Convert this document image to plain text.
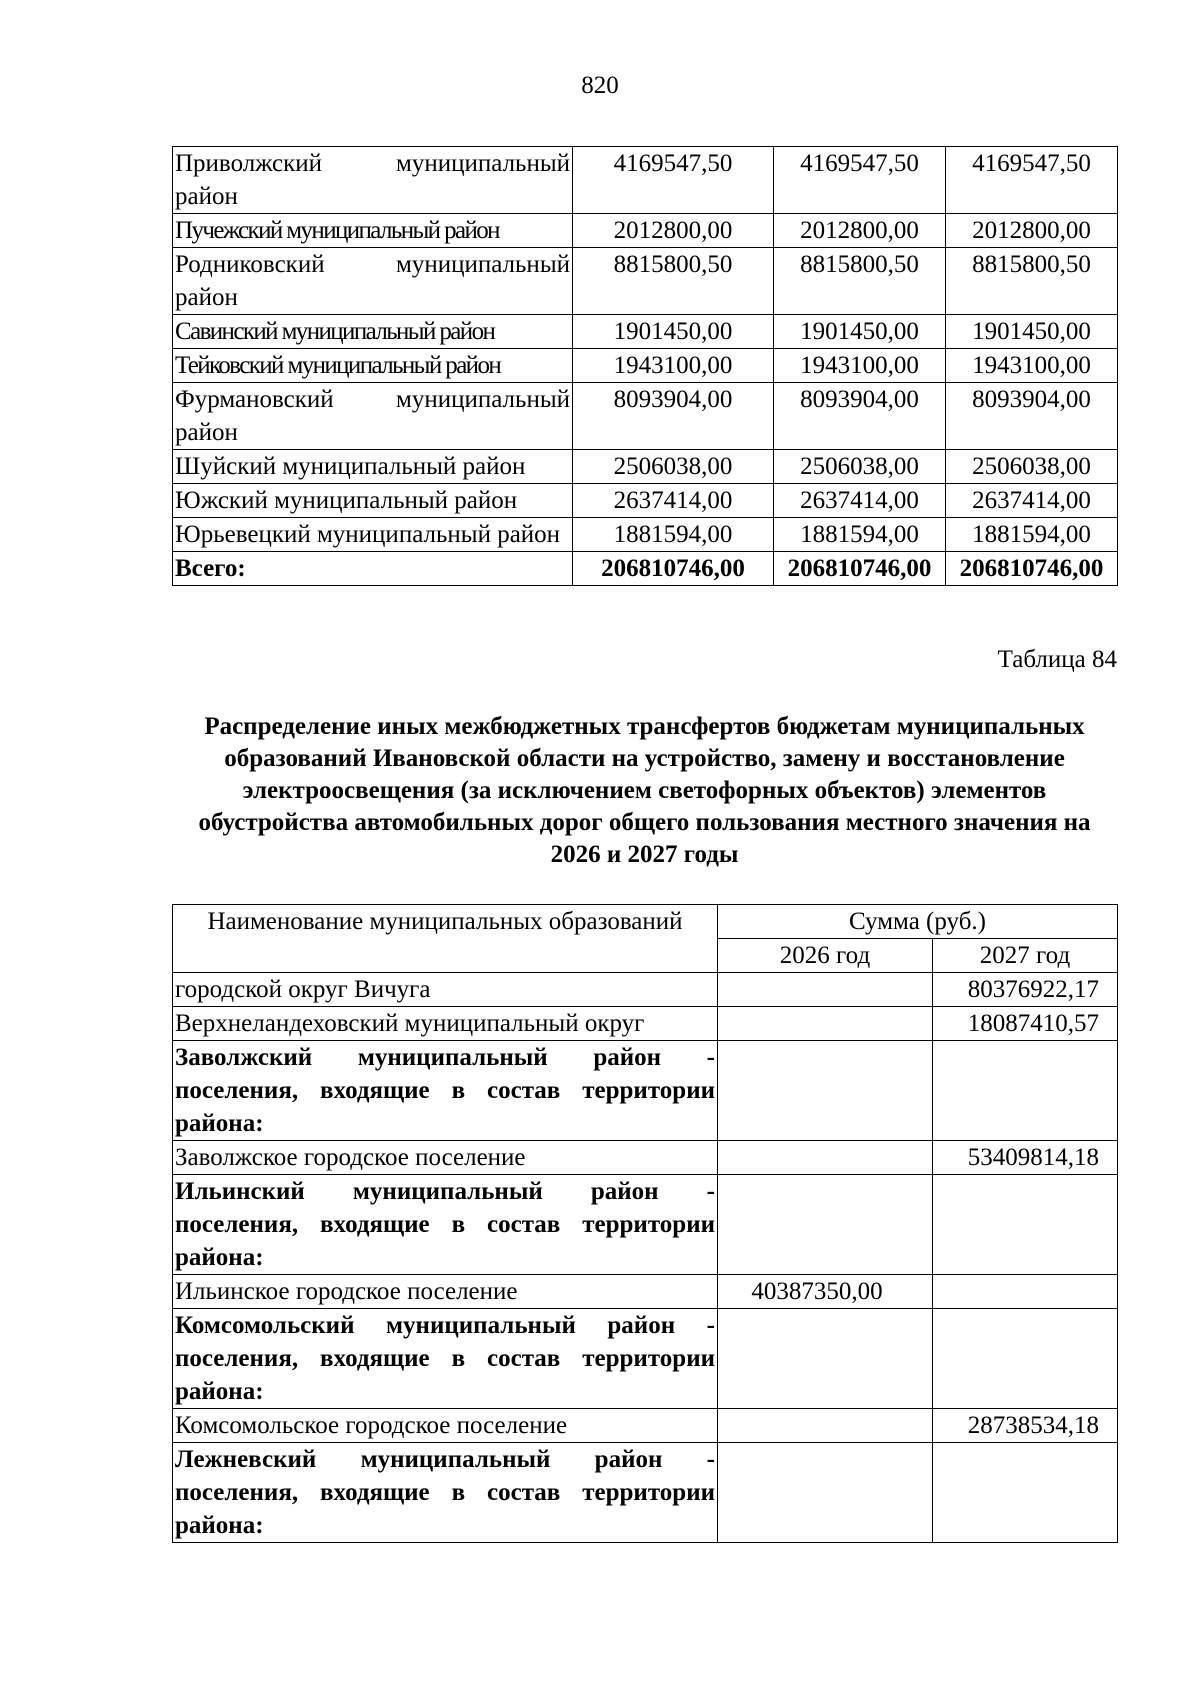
820
Приволжский муниципальный район	4169547,50	4169547,50	4169547,50
Пучежский муниципальный район	2012800,00	2012800,00	2012800,00
Родниковский муниципальный район	8815800,50	8815800,50	8815800,50
Савинский муниципальный район	1901450,00	1901450,00	1901450,00
Тейковский муниципальный район	1943100,00	1943100,00	1943100,00
Фурмановский муниципальный район	8093904,00	8093904,00	8093904,00
Шуйский муниципальный район	2506038,00	2506038,00	2506038,00
Южский муниципальный район	2637414,00	2637414,00	2637414,00
Юрьевецкий муниципальный район	1881594,00	1881594,00	1881594,00
Всего:	206810746,00	206810746,00	206810746,00
Таблица 84
Распределение иных межбюджетных трансфертов бюджетам муниципальных образований Ивановской области на устройство, замену и восстановление электроосвещения (за исключением светофорных объектов) элементов обустройства автомобильных дорог общего пользования местного значения на 2026 и 2027 годы
Наименование муниципальных образований	Сумма (руб.)	
	2026 год	2027 год
городской округ Вичуга		80376922,17
Верхнеландеховский муниципальный округ		18087410,57
Заволжский муниципальный район - поселения, входящие в состав территории района:		
Заволжское городское поселение		53409814,18
Ильинский муниципальный район - поселения, входящие в состав территории района:		
Ильинское городское поселение	40387350,00	
Комсомольский муниципальный район - поселения, входящие в состав территории района:		
Комсомольское городское поселение		28738534,18
Лежневский муниципальный район - поселения, входящие в состав территории района:		
